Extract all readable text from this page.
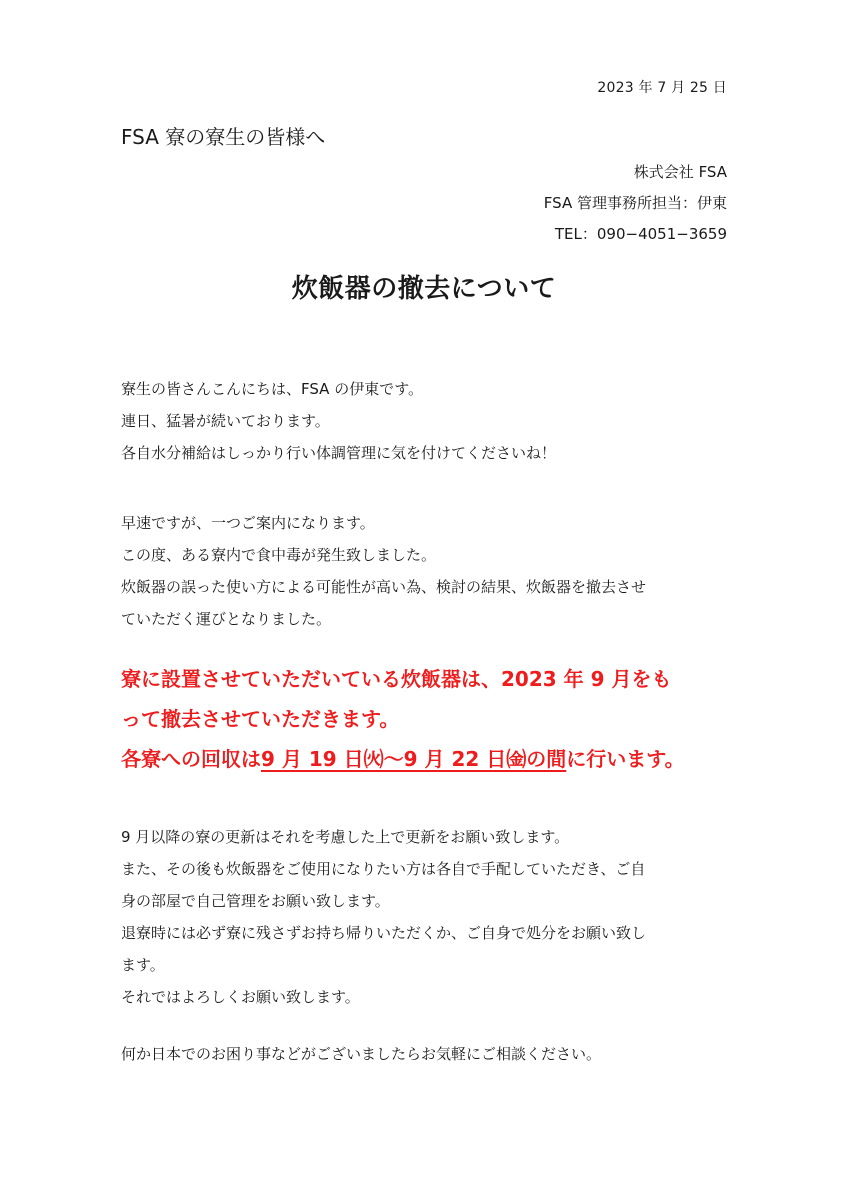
2023 年 7 月 25 日
FSA 寮の寮生の皆様へ
株式会社 FSA
FSA 管理事務所担当：伊東
TEL：090−4051−3659
炊飯器の撤去について
寮生の皆さんこんにちは、FSA の伊東です。
連日、猛暑が続いております。
各自水分補給はしっかり行い体調管理に気を付けてくださいね！
早速ですが、一つご案内になります。
この度、ある寮内で食中毒が発生致しました。
炊飯器の誤った使い方による可能性が高い為、検討の結果、炊飯器を撤去させ
ていただく運びとなりました。
寮に設置させていただいている炊飯器は、2023 年 9 月をも
って撤去させていただきます。
各寮への回収は9 月 19 日㈫～9 月 22 日㈮の間に行います。
9 月以降の寮の更新はそれを考慮した上で更新をお願い致します。
また、その後も炊飯器をご使用になりたい方は各自で手配していただき、ご自
身の部屋で自己管理をお願い致します。
退寮時には必ず寮に残さずお持ち帰りいただくか、ご自身で処分をお願い致し
ます。
それではよろしくお願い致します。
何か日本でのお困り事などがございましたらお気軽にご相談ください。
